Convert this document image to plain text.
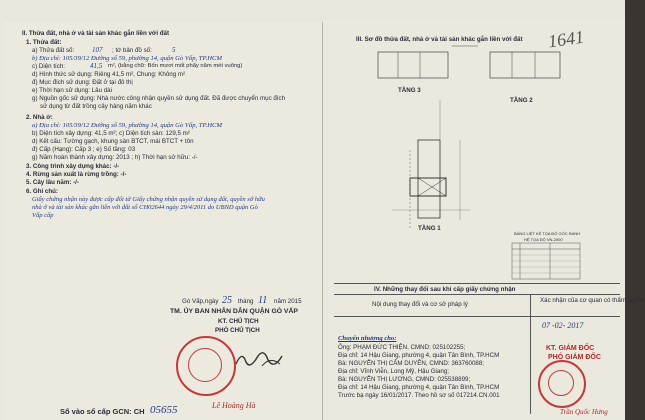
II. Thửa đất, nhà ở và tài sản khác gắn liền với đất
1. Thửa đất:
a) Thửa đất số:	107 ; tờ bản đồ số:	5
b) Địa chỉ: 105/39/12 Đường số 59, phường 14, quận Gò Vấp, TP.HCM
c) Diện tích:	41,5 m², (bằng chữ: Bốn mươi mốt phẩy năm mét vuông)
d) Hình thức sử dụng: Riêng 41,5 m², Chung: Không m²
đ) Mục đích sử dụng: Đất ở tại đô thị
e) Thời hạn sử dụng: Lâu dài
g) Nguồn gốc sử dụng: Nhà nước công nhận quyền sử dụng đất. Đã được chuyển mục đích
sử dụng từ đất trồng cây hàng năm khác
2. Nhà ở:
a) Địa chỉ: 105/39/12 Đường số 59, phường 14, quận Gò Vấp, TP.HCM
b) Diện tích xây dựng: 41,5 m²; c) Diện tích sàn: 129,5 m²
d) Kết cấu: Tường gạch, khung sàn BTCT, mái BTCT + tôn
đ) Cấp (Hạng): Cấp 3 ; e) Số tầng: 03
g) Năm hoàn thành xây dựng: 2013 ; h) Thời hạn sở hữu: -/-
3. Công trình xây dựng khác: -/-
4. Rừng sản xuất là rừng trồng: -/-
5. Cây lâu năm: -/-
6. Ghi chú:
Giấy chứng nhận này được cấp đổi từ Giấy chứng nhận quyền sử dụng đất, quyền sở hữu
nhà ở và tài sản khác gắn liền với đất số CH02644 ngày 29/4/2011 do UBND quận Gò
Vấp cấp
Gò Vấp, ngày 25 tháng 11 năm 2015
TM. ỦY BAN NHÂN DÂN QUẬN GÒ VẤP
KT. CHỦ TỊCH
PHÓ CHỦ TỊCH
Lê Hoàng Hà
Số vào sổ cấp GCN: CH 05655
III. Sơ đồ thửa đất, nhà ở và tài sản khác gắn liền với đất 1641
TẦNG 3
TẦNG 2
TẦNG 1
BẢNG LIỆT KÊ TỌA ĐỘ GÓC RANH
HỆ TỌA ĐỘ VN-2000
IV. Những thay đổi sau khi cấp giấy chứng nhận
Nội dung thay đổi và cơ sở pháp lý
Xác nhận của cơ quan có thẩm quyền
07 -02- 2017
KT. GIÁM ĐỐC
PHÓ GIÁM ĐỐC
Trần Quốc Hưng
Chuyển nhượng cho:
Ông: PHẠM ĐỨC THIỆN, CMND: 025102255;
Địa chỉ: 14 Hậu Giang, phường 4, quận Tân Bình, TP.HCM
Bà: NGUYỄN THỊ CẨM DUYÊN, CMND: 363760088;
Địa chỉ: Vĩnh Viễn, Long Mỹ, Hậu Giang;
Bà: NGUYỄN THỊ LƯƠNG, CMND: 025538899;
Địa chỉ: 14 Hậu Giang, phường 4, quận Tân Bình, TP.HCM
Trước bạ ngày 16/01/2017. Theo hồ sơ số 017214.CN.001
